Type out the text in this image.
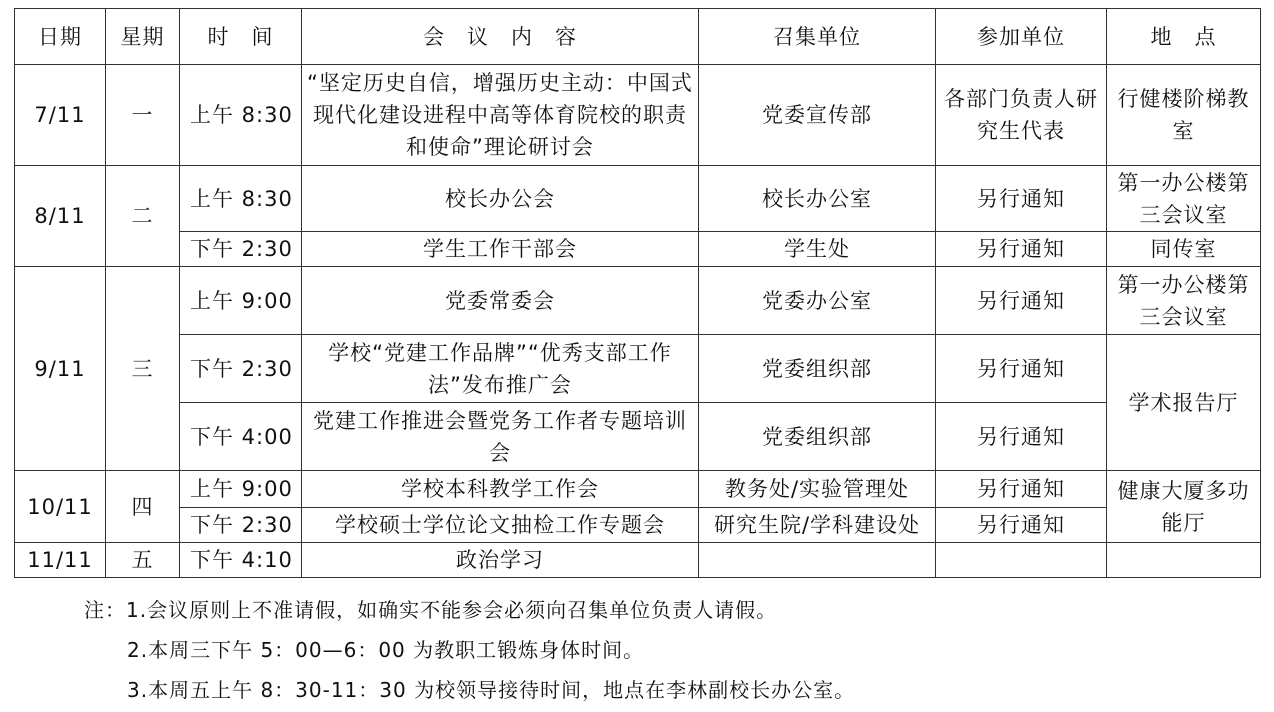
日期	星期	时　间	会　议　内　容	召集单位	参加单位	地　点
7/11	一	上午 8:30	“坚定历史自信，增强历史主动：中国式现代化建设进程中高等体育院校的职责和使命”理论研讨会	党委宣传部	各部门负责人研究生代表	行健楼阶梯教室
8/11	二	上午 8:30	校长办公会	校长办公室	另行通知	第一办公楼第三会议室
		下午 2:30	学生工作干部会	学生处	另行通知	同传室
9/11	三	上午 9:00	党委常委会	党委办公室	另行通知	第一办公楼第三会议室
		下午 2:30	学校“党建工作品牌”“优秀支部工作法”发布推广会	党委组织部	另行通知	学术报告厅
		下午 4:00	党建工作推进会暨党务工作者专题培训会	党委组织部	另行通知	
10/11	四	上午 9:00	学校本科教学工作会	教务处/实验管理处	另行通知	健康大厦多功能厅
		下午 2:30	学校硕士学位论文抽检工作专题会	研究生院/学科建设处	另行通知	
11/11	五	下午 4:10	政治学习			
注：1.会议原则上不准请假，如确实不能参会必须向召集单位负责人请假。
2.本周三下午 5：00—6：00 为教职工锻炼身体时间。
3.本周五上午 8：30-11：30 为校领导接待时间，地点在李林副校长办公室。
